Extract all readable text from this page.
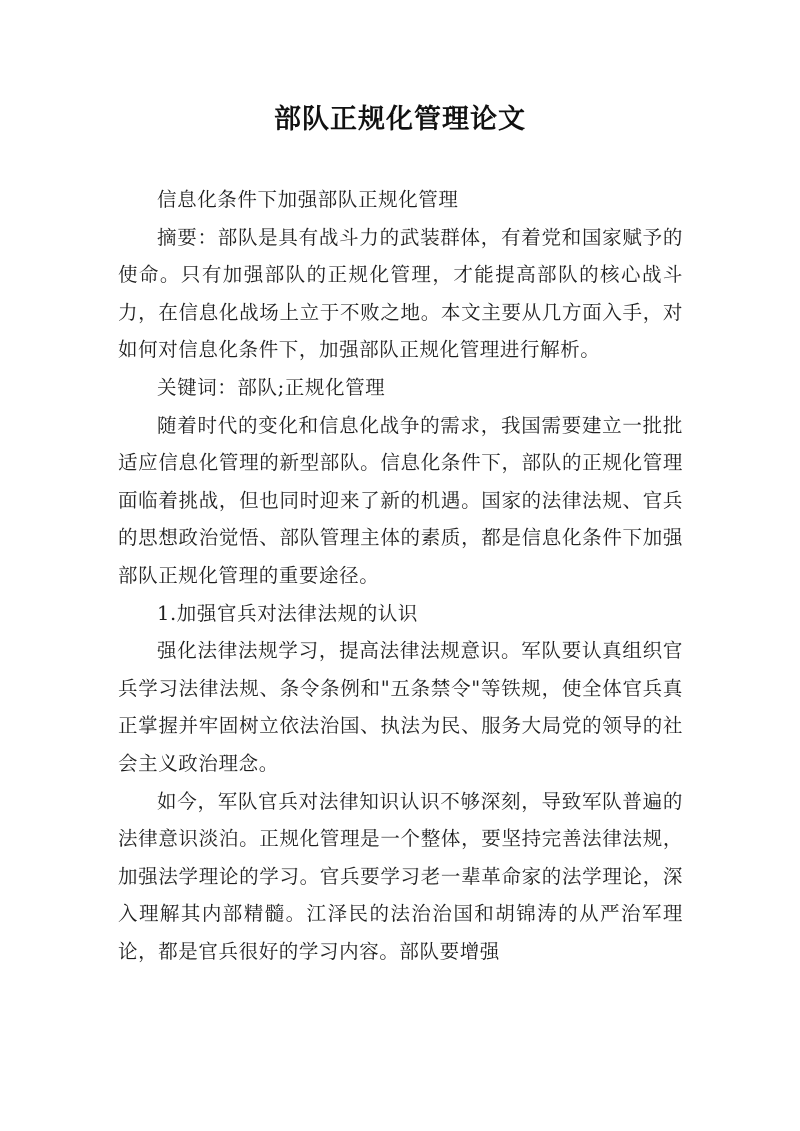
部队正规化管理论文

信息化条件下加强部队正规化管理

摘要：部队是具有战斗力的武装群体，有着党和国家赋予的使命。只有加强部队的正规化管理，才能提高部队的核心战斗力，在信息化战场上立于不败之地。本文主要从几方面入手，对如何对信息化条件下，加强部队正规化管理进行解析。

关键词：部队;正规化管理

随着时代的变化和信息化战争的需求，我国需要建立一批批适应信息化管理的新型部队。信息化条件下，部队的正规化管理面临着挑战，但也同时迎来了新的机遇。国家的法律法规、官兵的思想政治觉悟、部队管理主体的素质，都是信息化条件下加强部队正规化管理的重要途径。

1.加强官兵对法律法规的认识

强化法律法规学习，提高法律法规意识。军队要认真组织官兵学习法律法规、条令条例和"五条禁令"等铁规，使全体官兵真正掌握并牢固树立依法治国、执法为民、服务大局党的领导的社会主义政治理念。

如今，军队官兵对法律知识认识不够深刻，导致军队普遍的法律意识淡泊。正规化管理是一个整体，要坚持完善法律法规，加强法学理论的学习。官兵要学习老一辈革命家的法学理论，深入理解其内部精髓。江泽民的法治治国和胡锦涛的从严治军理论，都是官兵很好的学习内容。部队要增强
